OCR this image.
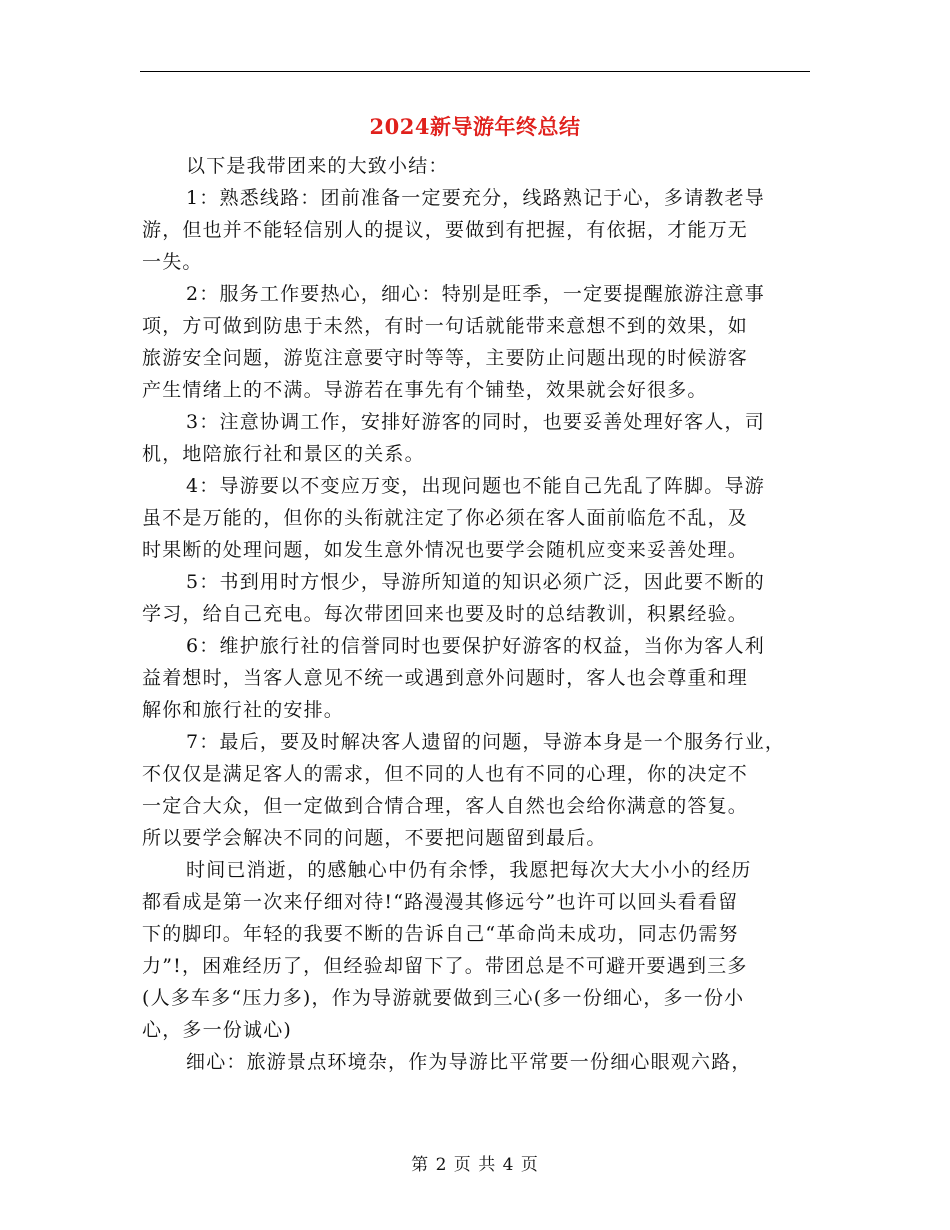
2024新导游年终总结

以下是我带团来的大致小结：

1：熟悉线路：团前准备一定要充分，线路熟记于心，多请教老导

游，但也并不能轻信别人的提议，要做到有把握，有依据，才能万无

一失。

2：服务工作要热心，细心：特别是旺季，一定要提醒旅游注意事

项，方可做到防患于未然，有时一句话就能带来意想不到的效果，如

旅游安全问题，游览注意要守时等等，主要防止问题出现的时候游客

产生情绪上的不满。导游若在事先有个铺垫，效果就会好很多。

3：注意协调工作，安排好游客的同时，也要妥善处理好客人，司

机，地陪旅行社和景区的关系。

4：导游要以不变应万变，出现问题也不能自己先乱了阵脚。导游

虽不是万能的，但你的头衔就注定了你必须在客人面前临危不乱，及

时果断的处理问题，如发生意外情况也要学会随机应变来妥善处理。

5：书到用时方恨少，导游所知道的知识必须广泛，因此要不断的

学习，给自己充电。每次带团回来也要及时的总结教训，积累经验。

6：维护旅行社的信誉同时也要保护好游客的权益，当你为客人利

益着想时，当客人意见不统一或遇到意外问题时，客人也会尊重和理

解你和旅行社的安排。

7：最后，要及时解决客人遗留的问题，导游本身是一个服务行业，

不仅仅是满足客人的需求，但不同的人也有不同的心理，你的决定不

一定合大众，但一定做到合情合理，客人自然也会给你满意的答复。

所以要学会解决不同的问题，不要把问题留到最后。

时间已消逝，的感触心中仍有余悸，我愿把每次大大小小的经历

都看成是第一次来仔细对待!“路漫漫其修远兮”也许可以回头看看留

下的脚印。年轻的我要不断的告诉自己“革命尚未成功，同志仍需努

力”!，困难经历了，但经验却留下了。带团总是不可避开要遇到三多

(人多车多“压力多)，作为导游就要做到三心(多一份细心，多一份小

心，多一份诚心)

细心：旅游景点环境杂，作为导游比平常要一份细心眼观六路，

第 2 页 共 4 页
